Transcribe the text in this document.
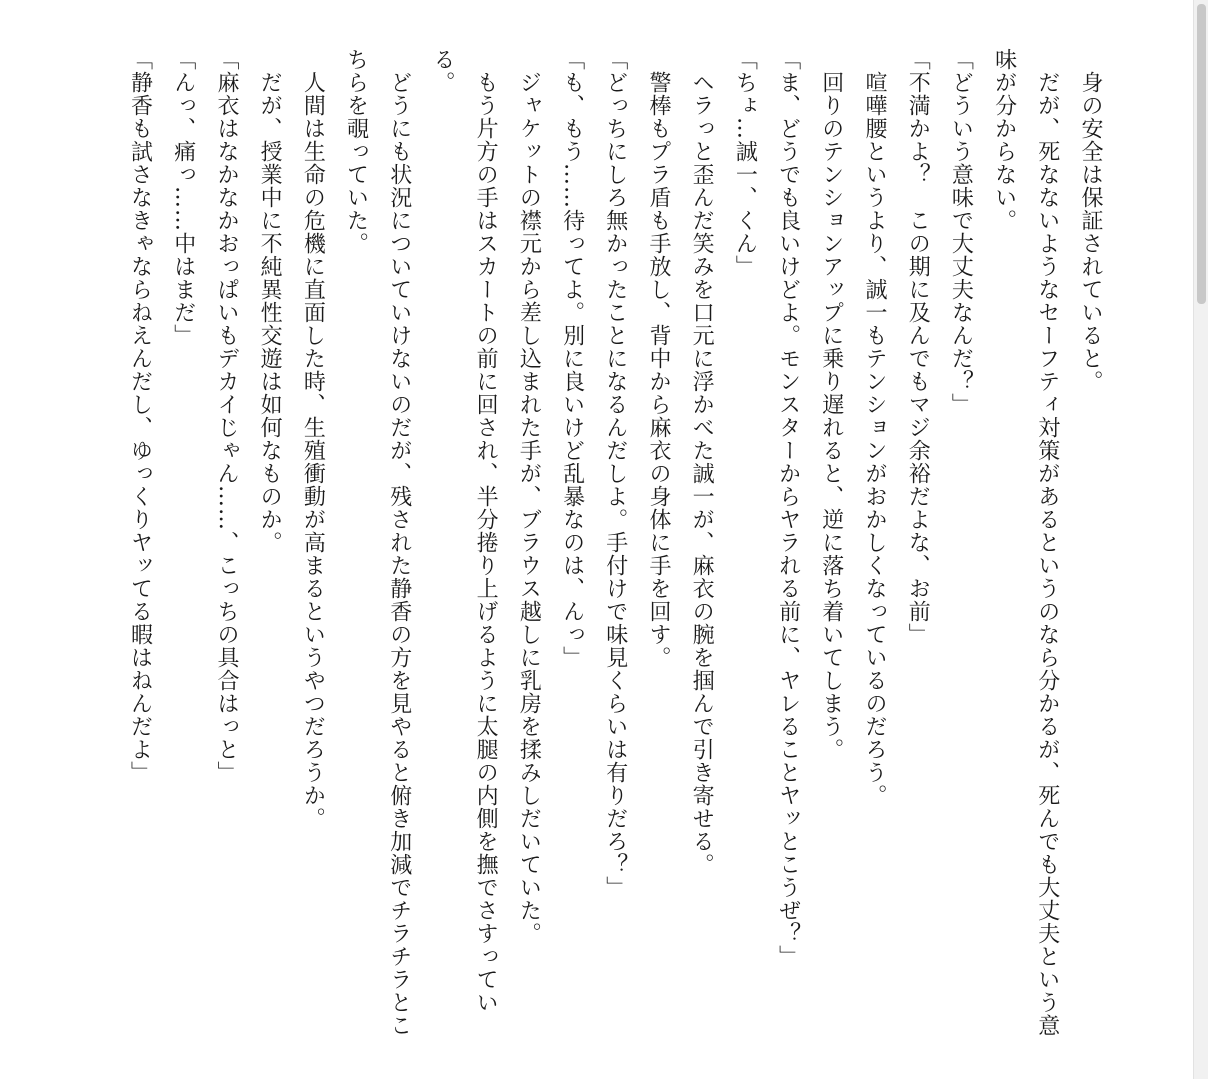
　身の安全は保証されていると。

　だが、死なないようなセーフティ対策があるというのなら分かるが、死んでも大丈夫という意味が分からない。

「どういう意味で大丈夫なんだ？」

「不満かよ？　この期に及んでもマジ余裕だよな、お前」

　喧嘩腰というより、誠一もテンションがおかしくなっているのだろう。

　回りのテンションアップに乗り遅れると、逆に落ち着いてしまう。

「ま、どうでも良いけどよ。モンスターからヤラれる前に、ヤレることヤッとこうぜ？」

「ちょ…誠一、くん」

　ヘラっと歪んだ笑みを口元に浮かべた誠一が、麻衣の腕を掴んで引き寄せる。

　警棒もプラ盾も手放し、背中から麻衣の身体に手を回す。

「どっちにしろ無かったことになるんだしよ。手付けで味見くらいは有りだろ？」

「も、もう……待ってよ。別に良いけど乱暴なのは、んっ」

　ジャケットの襟元から差し込まれた手が、ブラウス越しに乳房を揉みしだいていた。

　もう片方の手はスカートの前に回され、半分捲り上げるように太腿の内側を撫でさすっている。

　どうにも状況についていけないのだが、残された静香の方を見やると俯き加減でチラチラとこちらを覗っていた。

　人間は生命の危機に直面した時、生殖衝動が高まるというやつだろうか。

　だが、授業中に不純異性交遊は如何なものか。

「麻衣はなかなかおっぱいもデカイじゃん……、こっちの具合はっと」

「んっ、痛っ……中はまだ」

「静香も試さなきゃならねえんだし、ゆっくりヤッてる暇はねんだよ」
